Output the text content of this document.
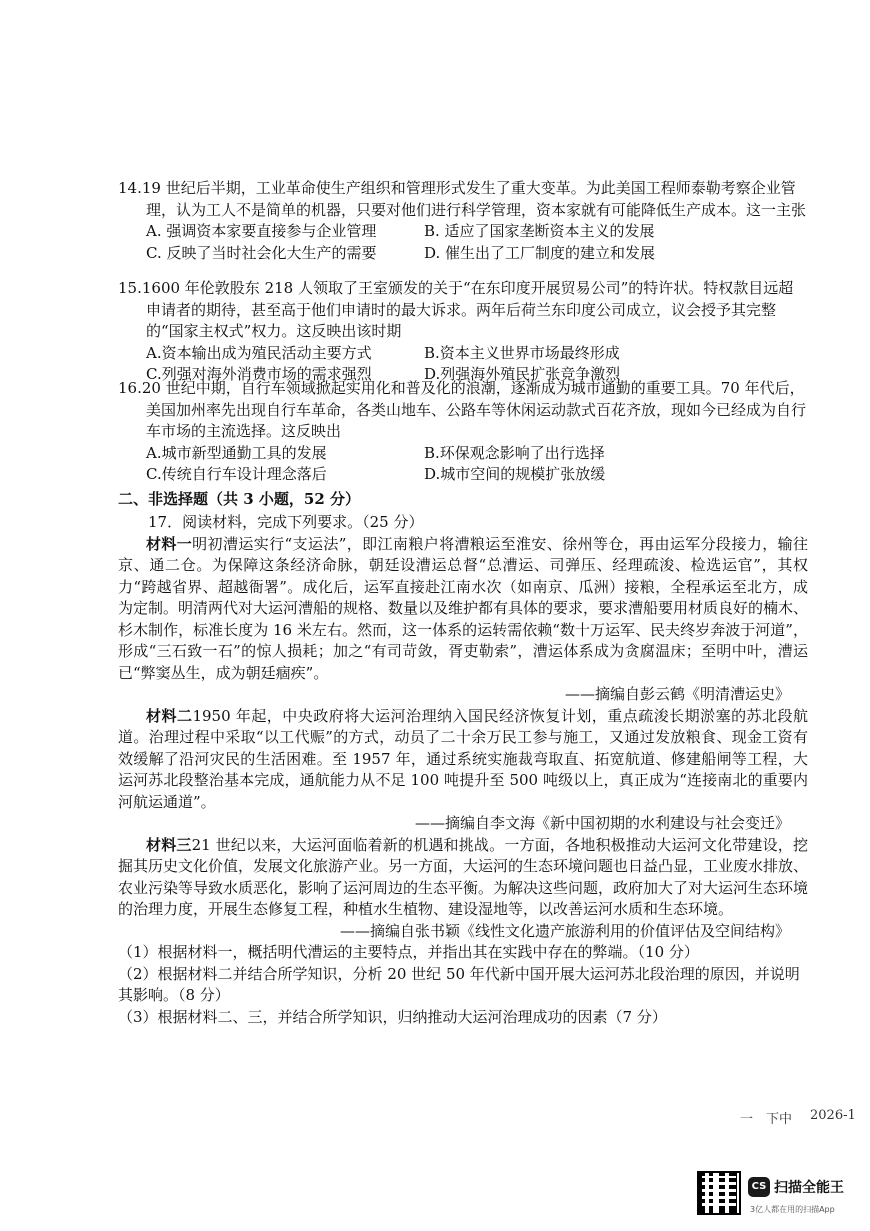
14.19 世纪后半期，工业革命使生产组织和管理形式发生了重大变革。为此美国工程师泰勒考察企业管理，认为工人不是简单的机器，只要对他们进行科学管理，资本家就有可能降低生产成本。这一主张
A. 强调资本家要直接参与企业管理	B. 适应了国家垄断资本主义的发展
C. 反映了当时社会化大生产的需要	D. 催生出了工厂制度的建立和发展
15.1600 年伦敦股东 218 人领取了王室颁发的关于“在东印度开展贸易公司”的特许状。特权款目远超申请者的期待，甚至高于他们申请时的最大诉求。两年后荷兰东印度公司成立，议会授予其完整的“国家主权式”权力。这反映出该时期
A.资本输出成为殖民活动主要方式	B.资本主义世界市场最终形成
C.列强对海外消费市场的需求强烈	D.列强海外殖民扩张竞争激烈
16.20 世纪中期，自行车领域掀起实用化和普及化的浪潮，逐渐成为城市通勤的重要工具。70 年代后，美国加州率先出现自行车革命，各类山地车、公路车等休闲运动款式百花齐放，现如今已经成为自行车市场的主流选择。这反映出
A.城市新型通勤工具的发展	B.环保观念影响了出行选择
C.传统自行车设计理念落后	D.城市空间的规模扩张放缓
二、非选择题（共 3 小题，52 分）
17．阅读材料，完成下列要求。（25 分）
材料一明初漕运实行“支运法”，即江南粮户将漕粮运至淮安、徐州等仓，再由运军分段接力，输往京、通二仓。为保障这条经济命脉，朝廷设漕运总督“总漕运、司弹压、经理疏浚、检选运官”，其权力“跨越省界、超越衙署”。成化后，运军直接赴江南水次（如南京、瓜洲）接粮，全程承运至北方，成为定制。明清两代对大运河漕船的规格、数量以及维护都有具体的要求，要求漕船要用材质良好的楠木、杉木制作，标准长度为 16 米左右。然而，这一体系的运转需依赖“数十万运军、民夫终岁奔波于河道”，形成“三石致一石”的惊人损耗；加之“有司苛敛，胥吏勒索”，漕运体系成为贪腐温床；至明中叶，漕运已“弊窦丛生，成为朝廷痼疾”。
——摘编自彭云鹤《明清漕运史》
材料二1950 年起，中央政府将大运河治理纳入国民经济恢复计划，重点疏浚长期淤塞的苏北段航道。治理过程中采取“以工代赈”的方式，动员了二十余万民工参与施工，又通过发放粮食、现金工资有效缓解了沿河灾民的生活困难。至 1957 年，通过系统实施裁弯取直、拓宽航道、修建船闸等工程，大运河苏北段整治基本完成，通航能力从不足 100 吨提升至 500 吨级以上，真正成为“连接南北的重要内河航运通道”。
——摘编自李文海《新中国初期的水利建设与社会变迁》
材料三21 世纪以来，大运河面临着新的机遇和挑战。一方面，各地积极推动大运河文化带建设，挖掘其历史文化价值，发展文化旅游产业。另一方面，大运河的生态环境问题也日益凸显，工业废水排放、农业污染等导致水质恶化，影响了运河周边的生态平衡。为解决这些问题，政府加大了对大运河生态环境的治理力度，开展生态修复工程，种植水生植物、建设湿地等，以改善运河水质和生态环境。
——摘编自张书颖《线性文化遗产旅游利用的价值评估及空间结构》
（1）根据材料一，概括明代漕运的主要特点，并指出其在实践中存在的弊端。（10 分）
（2）根据材料二并结合所学知识，分析 20 世纪 50 年代新中国开展大运河苏北段治理的原因，并说明其影响。（8 分）
（3）根据材料二、三，并结合所学知识，归纳推动大运河治理成功的因素（7 分）
一　下中 2026-1
CS 扫描全能王
3亿人都在用的扫描App
